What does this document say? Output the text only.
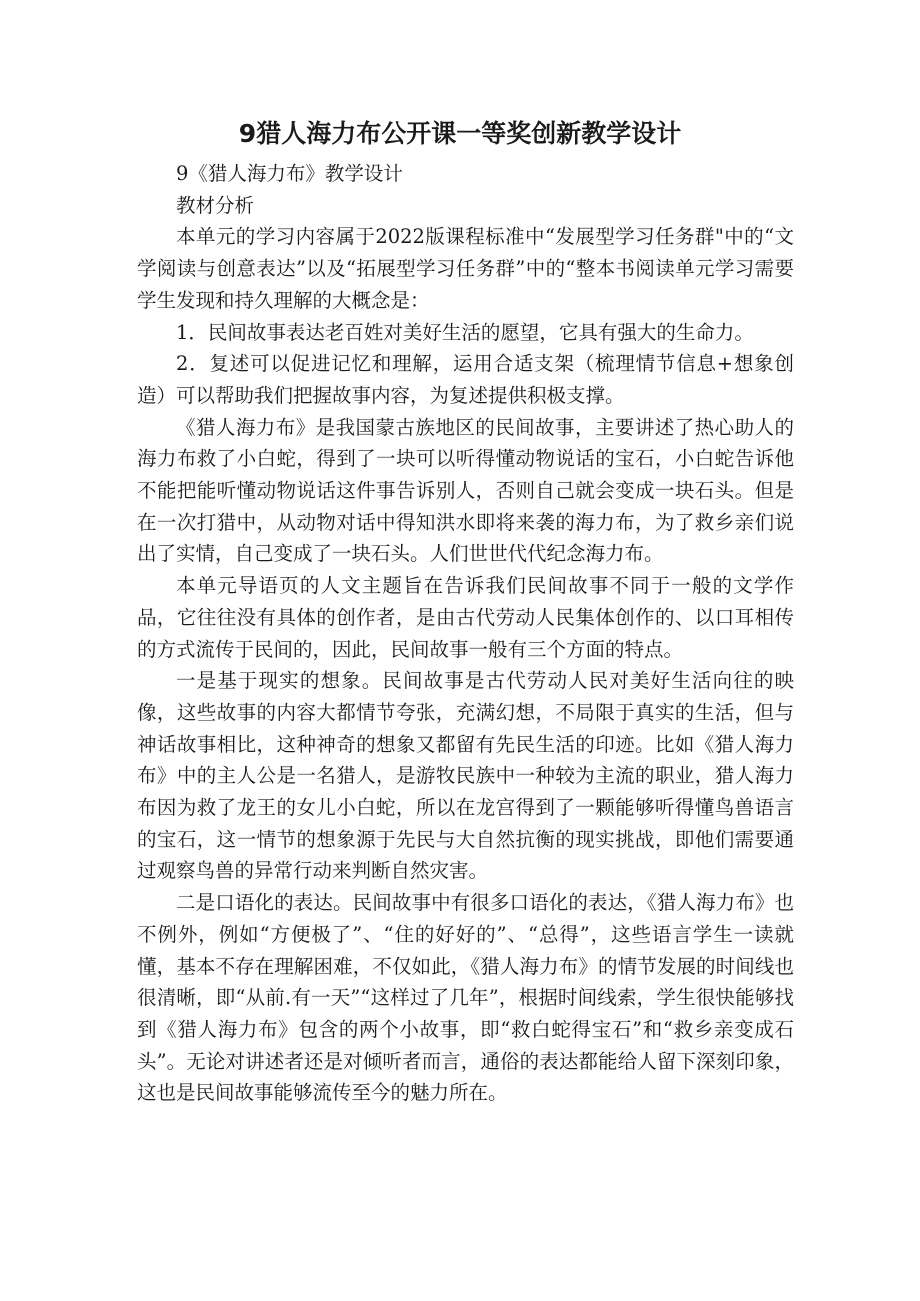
9猎人海力布公开课一等奖创新教学设计

9《猎人海力布》教学设计

教材分析

本单元的学习内容属于2022版课程标准中“发展型学习任务群"中的“文学阅读与创意表达”以及“拓展型学习任务群”中的“整本书阅读单元学习需要学生发现和持久理解的大概念是：

1．民间故事表达老百姓对美好生活的愿望，它具有强大的生命力。

2．复述可以促进记忆和理解，运用合适支架（梳理情节信息+想象创造）可以帮助我们把握故事内容，为复述提供积极支撑。

《猎人海力布》是我国蒙古族地区的民间故事，主要讲述了热心助人的海力布救了小白蛇，得到了一块可以听得懂动物说话的宝石，小白蛇告诉他不能把能听懂动物说话这件事告诉别人，否则自己就会变成一块石头。但是在一次打猎中，从动物对话中得知洪水即将来袭的海力布，为了救乡亲们说出了实情，自己变成了一块石头。人们世世代代纪念海力布。

本单元导语页的人文主题旨在告诉我们民间故事不同于一般的文学作品，它往往没有具体的创作者，是由古代劳动人民集体创作的、以口耳相传的方式流传于民间的，因此，民间故事一般有三个方面的特点。

一是基于现实的想象。民间故事是古代劳动人民对美好生活向往的映像，这些故事的内容大都情节夸张，充满幻想，不局限于真实的生活，但与神话故事相比，这种神奇的想象又都留有先民生活的印迹。比如《猎人海力布》中的主人公是一名猎人，是游牧民族中一种较为主流的职业，猎人海力布因为救了龙王的女儿小白蛇，所以在龙宫得到了一颗能够听得懂鸟兽语言的宝石，这一情节的想象源于先民与大自然抗衡的现实挑战，即他们需要通过观察鸟兽的异常行动来判断自然灾害。

二是口语化的表达。民间故事中有很多口语化的表达，《猎人海力布》也不例外，例如“方便极了”、“住的好好的”、“总得”，这些语言学生一读就懂，基本不存在理解困难，不仅如此，《猎人海力布》的情节发展的时间线也很清晰，即“从前.有一天”“这样过了几年”，根据时间线索，学生很快能够找到《猎人海力布》包含的两个小故事，即“救白蛇得宝石”和“救乡亲变成石头”。无论对讲述者还是对倾听者而言，通俗的表达都能给人留下深刻印象，这也是民间故事能够流传至今的魅力所在。
